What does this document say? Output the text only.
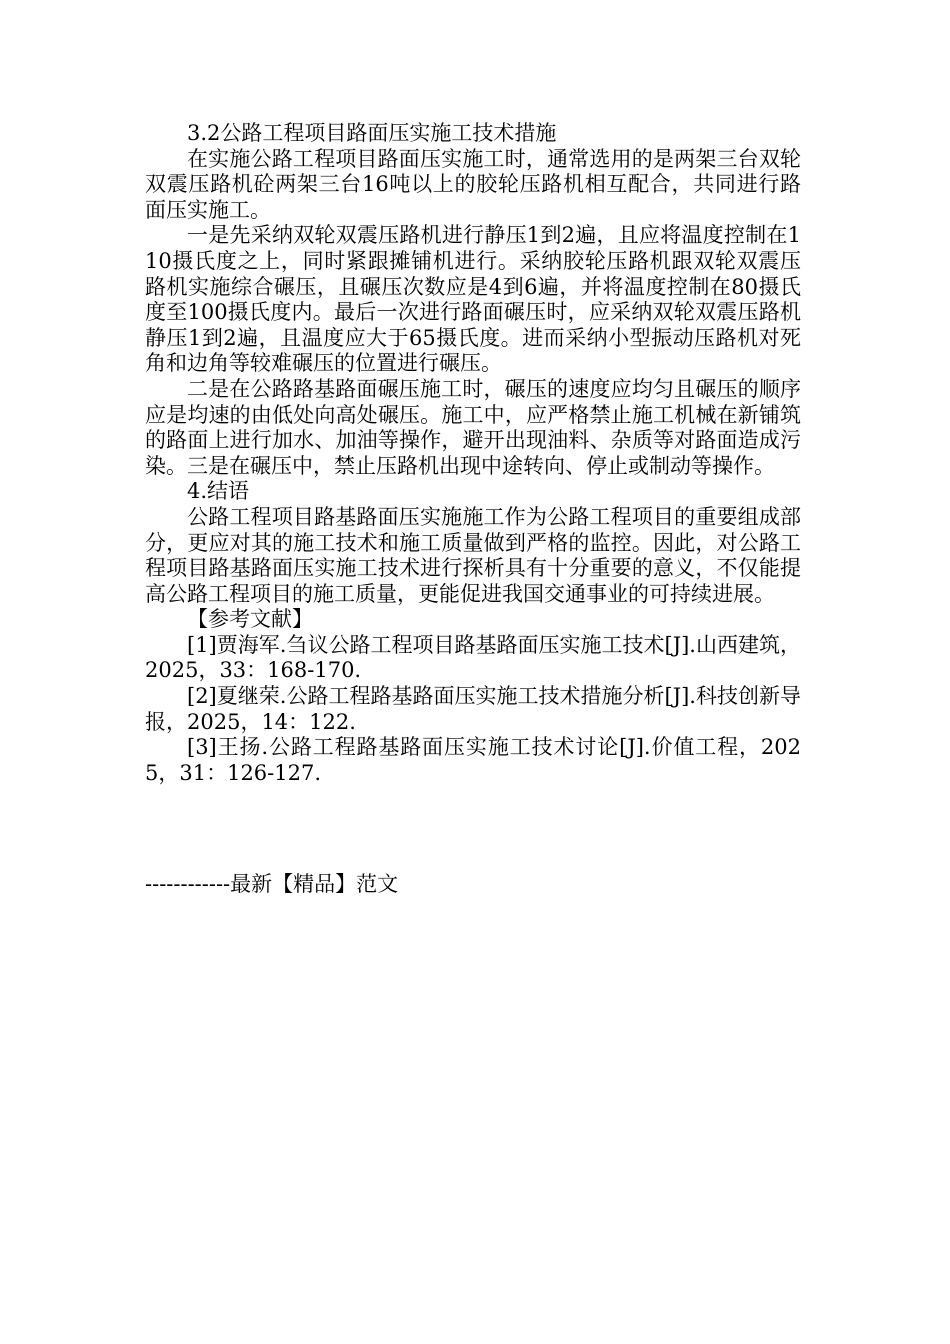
3.2公路工程项目路面压实施工技术措施

在实施公路工程项目路面压实施工时，通常选用的是两架三台双轮双震压路机砼两架三台16吨以上的胶轮压路机相互配合，共同进行路面压实施工。

一是先采纳双轮双震压路机进行静压1到2遍，且应将温度控制在110摄氏度之上，同时紧跟摊铺机进行。采纳胶轮压路机跟双轮双震压路机实施综合碾压，且碾压次数应是4到6遍，并将温度控制在80摄氏度至100摄氏度内。最后一次进行路面碾压时，应采纳双轮双震压路机静压1到2遍，且温度应大于65摄氏度。进而采纳小型振动压路机对死角和边角等较难碾压的位置进行碾压。

二是在公路路基路面碾压施工时，碾压的速度应均匀且碾压的顺序应是均速的由低处向高处碾压。施工中，应严格禁止施工机械在新铺筑的路面上进行加水、加油等操作，避开出现油料、杂质等对路面造成污染。三是在碾压中，禁止压路机出现中途转向、停止或制动等操作。

4.结语

公路工程项目路基路面压实施施工作为公路工程项目的重要组成部分，更应对其的施工技术和施工质量做到严格的监控。因此，对公路工程项目路基路面压实施工技术进行探析具有十分重要的意义，不仅能提高公路工程项目的施工质量，更能促进我国交通事业的可持续进展。

【参考文献】

[1]贾海军.刍议公路工程项目路基路面压实施工技术[J].山西建筑，2025，33：168-170.

[2]夏继荣.公路工程路基路面压实施工技术措施分析[J].科技创新导报，2025，14：122.

[3]王扬.公路工程路基路面压实施工技术讨论[J].价值工程，2025，31：126-127.

------------最新【精品】范文
